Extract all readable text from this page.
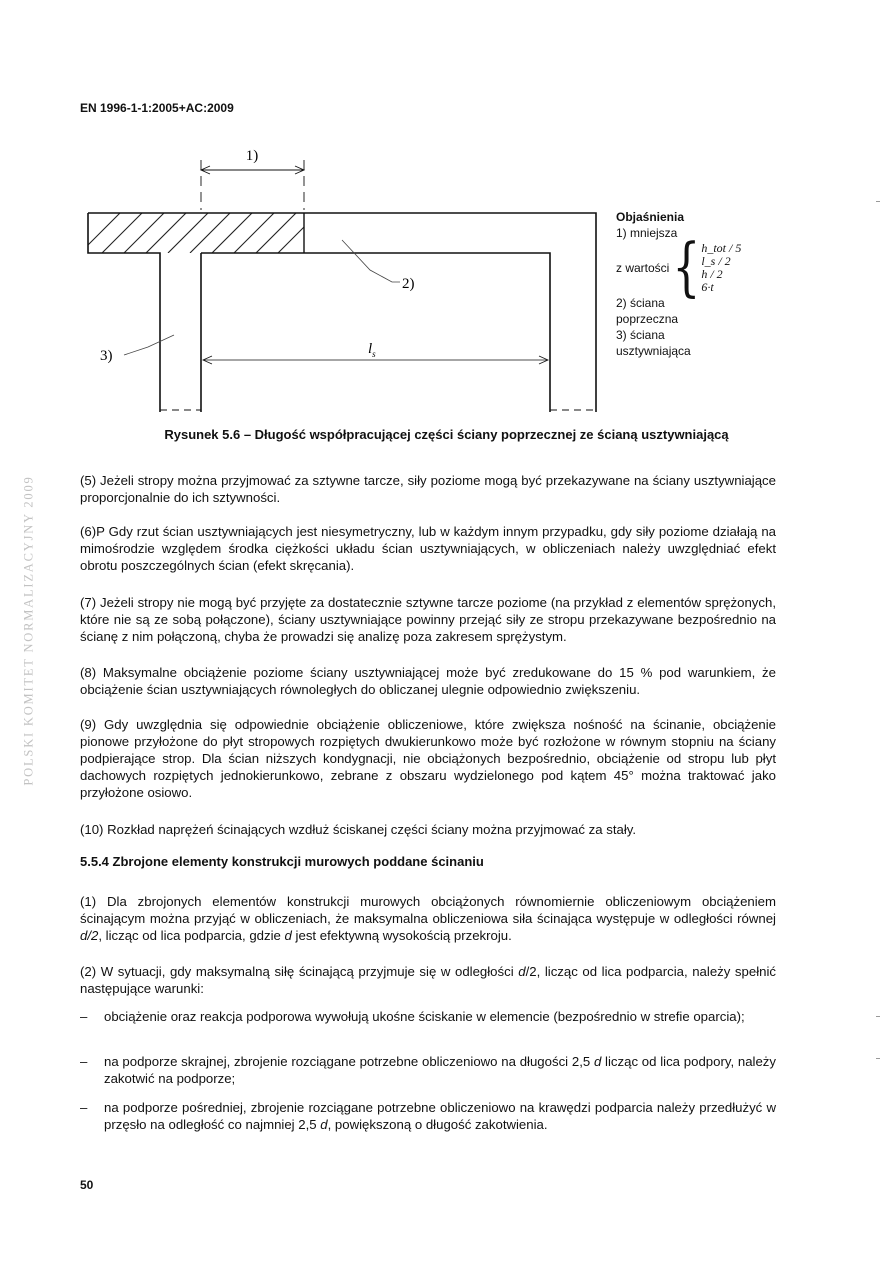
EN 1996-1-1:2005+AC:2009
POLSKI KOMITET NORMALIZACYJNY 2009
1)
2)
3)	$l_s$
Objaśnienia
1) mniejsza
z wartości { h_tot / 5
l_s / 2
h / 2
6·t
2) ściana
poprzeczna
3) ściana
usztywniająca
Rysunek 5.6 – Długość współpracującej części ściany poprzecznej ze ścianą usztywniającą
(5) Jeżeli stropy można przyjmować za sztywne tarcze, siły poziome mogą być przekazywane na ściany usztywniające proporcjonalnie do ich sztywności.
(6)P Gdy rzut ścian usztywniających jest niesymetryczny, lub w każdym innym przypadku, gdy siły poziome działają na mimośrodzie względem środka ciężkości układu ścian usztywniających, w obliczeniach należy uwzględniać efekt obrotu poszczególnych ścian (efekt skręcania).
(7) Jeżeli stropy nie mogą być przyjęte za dostatecznie sztywne tarcze poziome (na przykład z elementów sprężonych, które nie są ze sobą połączone), ściany usztywniające powinny przejąć siły ze stropu przekazywane bezpośrednio na ścianę z nim połączoną, chyba że prowadzi się analizę poza zakresem sprężystym.
(8) Maksymalne obciążenie poziome ściany usztywniającej może być zredukowane do 15 % pod warunkiem, że obciążenie ścian usztywniających równoległych do obliczanej ulegnie odpowiednio zwiększeniu.
(9) Gdy uwzględnia się odpowiednie obciążenie obliczeniowe, które zwiększa nośność na ścinanie, obciążenie pionowe przyłożone do płyt stropowych rozpiętych dwukierunkowo może być rozłożone w równym stopniu na ściany podpierające strop. Dla ścian niższych kondygnacji, nie obciążonych bezpośrednio, obciążenie od stropu lub płyt dachowych rozpiętych jednokierunkowo, zebrane z obszaru wydzielonego pod kątem 45° można traktować jako przyłożone osiowo.
(10) Rozkład naprężeń ścinających wzdłuż ściskanej części ściany można przyjmować za stały.
5.5.4 Zbrojone elementy konstrukcji murowych poddane ścinaniu
(1) Dla zbrojonych elementów konstrukcji murowych obciążonych równomiernie obliczeniowym obciążeniem ścinającym można przyjąć w obliczeniach, że maksymalna obliczeniowa siła ścinająca występuje w odległości równej d/2, licząc od lica podparcia, gdzie d jest efektywną wysokością przekroju.
(2) W sytuacji, gdy maksymalną siłę ścinającą przyjmuje się w odległości d/2, licząc od lica podparcia, należy spełnić następujące warunki:
–	obciążenie oraz reakcja podporowa wywołują ukośne ściskanie w elemencie (bezpośrednio w strefie oparcia);
–	na podporze skrajnej, zbrojenie rozciągane potrzebne obliczeniowo na długości 2,5 d licząc od lica podpory, należy zakotwić na podporze;
–	na podporze pośredniej, zbrojenie rozciągane potrzebne obliczeniowo na krawędzi podparcia należy przedłużyć w przęsło na odległość co najmniej 2,5 d, powiększoną o długość zakotwienia.
50
